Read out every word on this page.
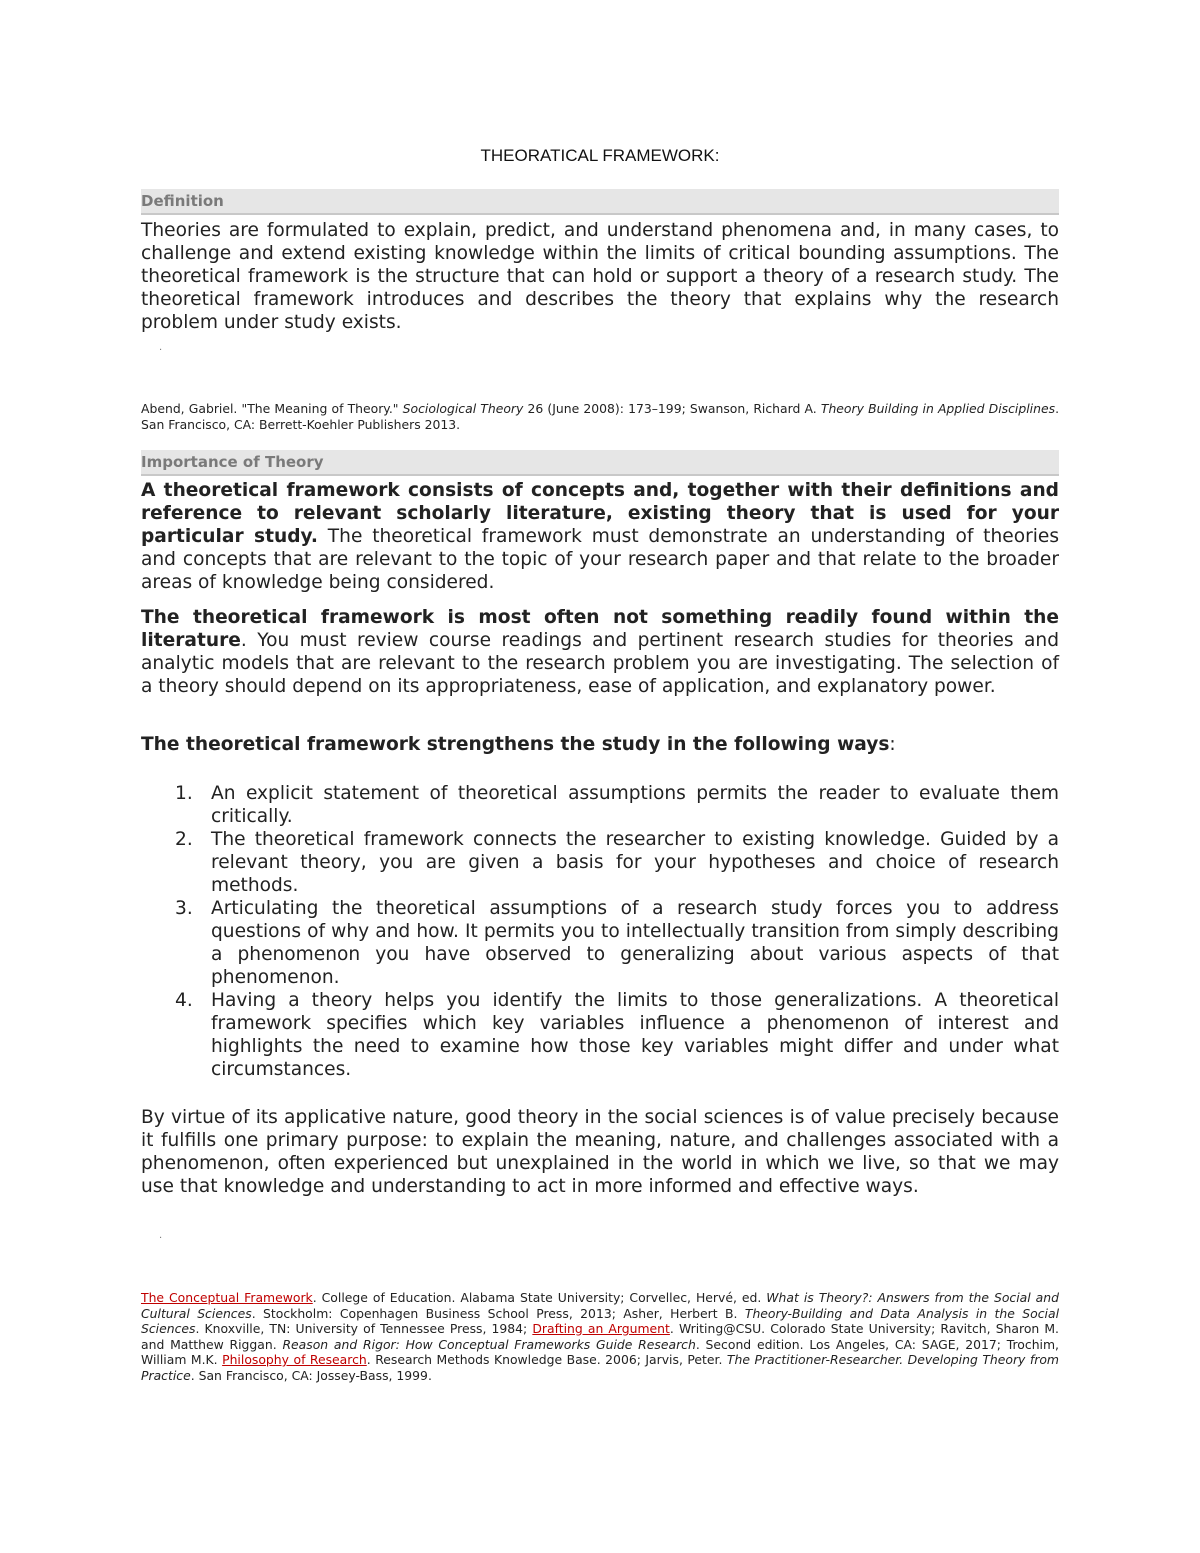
THEORATICAL FRAMEWORK:
Definition

Theories are formulated to explain, predict, and understand phenomena and, in many cases, to challenge and extend existing knowledge within the limits of critical bounding assumptions. The theoretical framework is the structure that can hold or support a theory of a research study. The theoretical framework introduces and describes the theory that explains why the research problem under study exists.

·

Abend, Gabriel. "The Meaning of Theory." Sociological Theory 26 (June 2008): 173–199; Swanson, Richard A. Theory Building in Applied Disciplines. San Francisco, CA: Berrett-Koehler Publishers 2013.

Importance of Theory

A theoretical framework consists of concepts and, together with their definitions and reference to relevant scholarly literature, existing theory that is used for your particular study. The theoretical framework must demonstrate an understanding of theories and concepts that are relevant to the topic of your research paper and that relate to the broader areas of knowledge being considered.

The theoretical framework is most often not something readily found within the literature. You must review course readings and pertinent research studies for theories and analytic models that are relevant to the research problem you are investigating. The selection of a theory should depend on its appropriateness, ease of application, and explanatory power.

The theoretical framework strengthens the study in the following ways:
1. An explicit statement of theoretical assumptions permits the reader to evaluate them critically.
2. The theoretical framework connects the researcher to existing knowledge. Guided by a relevant theory, you are given a basis for your hypotheses and choice of research methods.
3. Articulating the theoretical assumptions of a research study forces you to address questions of why and how. It permits you to intellectually transition from simply describing a phenomenon you have observed to generalizing about various aspects of that phenomenon.
4. Having a theory helps you identify the limits to those generalizations. A theoretical framework specifies which key variables influence a phenomenon of interest and highlights the need to examine how those key variables might differ and under what circumstances.

By virtue of its applicative nature, good theory in the social sciences is of value precisely because it fulfills one primary purpose: to explain the meaning, nature, and challenges associated with a phenomenon, often experienced but unexplained in the world in which we live, so that we may use that knowledge and understanding to act in more informed and effective ways.

·

The Conceptual Framework. College of Education. Alabama State University; Corvellec, Hervé, ed. What is Theory?: Answers from the Social and Cultural Sciences. Stockholm: Copenhagen Business School Press, 2013; Asher, Herbert B. Theory-Building and Data Analysis in the Social Sciences. Knoxville, TN: University of Tennessee Press, 1984; Drafting an Argument. Writing@CSU. Colorado State University; Ravitch, Sharon M. and Matthew Riggan. Reason and Rigor: How Conceptual Frameworks Guide Research. Second edition. Los Angeles, CA: SAGE, 2017; Trochim, William M.K. Philosophy of Research. Research Methods Knowledge Base. 2006; Jarvis, Peter. The Practitioner-Researcher. Developing Theory from Practice. San Francisco, CA: Jossey-Bass, 1999.
